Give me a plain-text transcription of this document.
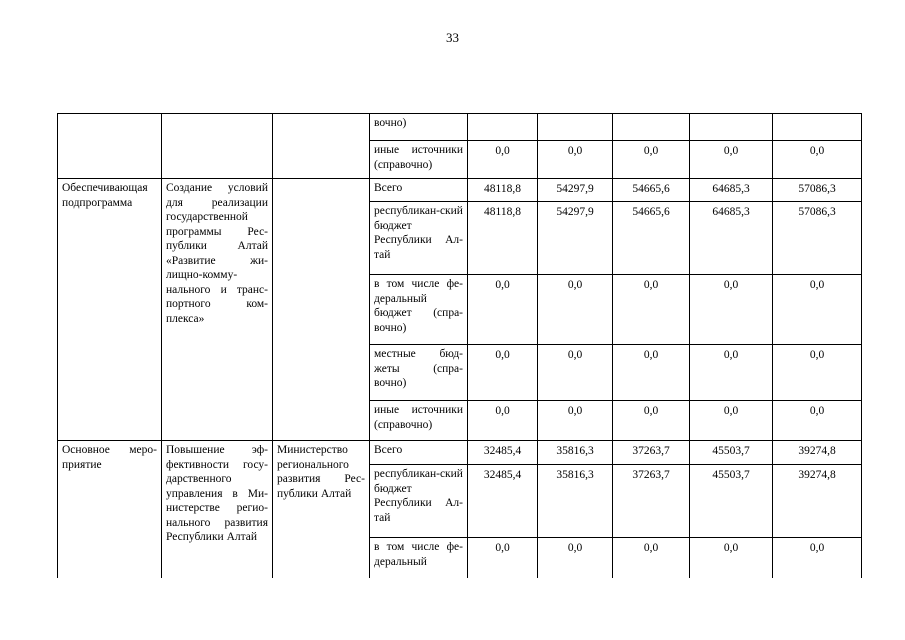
33
			вочно)					
			иные источники (справочно)	0,0	0,0	0,0	0,0	0,0
Обеспечивающая подпрограмма	Создание условий для реализации государственной программы Рес-публики Алтай «Развитие жи-лищно-комму-нального и транс-портного ком-плекса»		Всего	48118,8	54297,9	54665,6	64685,3	57086,3
			республикан-ский бюджет Республики Ал-тай	48118,8	54297,9	54665,6	64685,3	57086,3
			в том числе фе-деральный бюджет (спра-вочно)	0,0	0,0	0,0	0,0	0,0
			местные бюд-жеты (спра-вочно)	0,0	0,0	0,0	0,0	0,0
			иные источники (справочно)	0,0	0,0	0,0	0,0	0,0
Основное меро-приятие	Повышение эф-фективности госу-дарственного управления в Ми-нистерстве регио-нального развития Республики Алтай	Министерство регионального развития Рес-публики Алтай	Всего	32485,4	35816,3	37263,7	45503,7	39274,8
			республикан-ский бюджет Республики Ал-тай	32485,4	35816,3	37263,7	45503,7	39274,8
			в том числе фе-деральный	0,0	0,0	0,0	0,0	0,0
